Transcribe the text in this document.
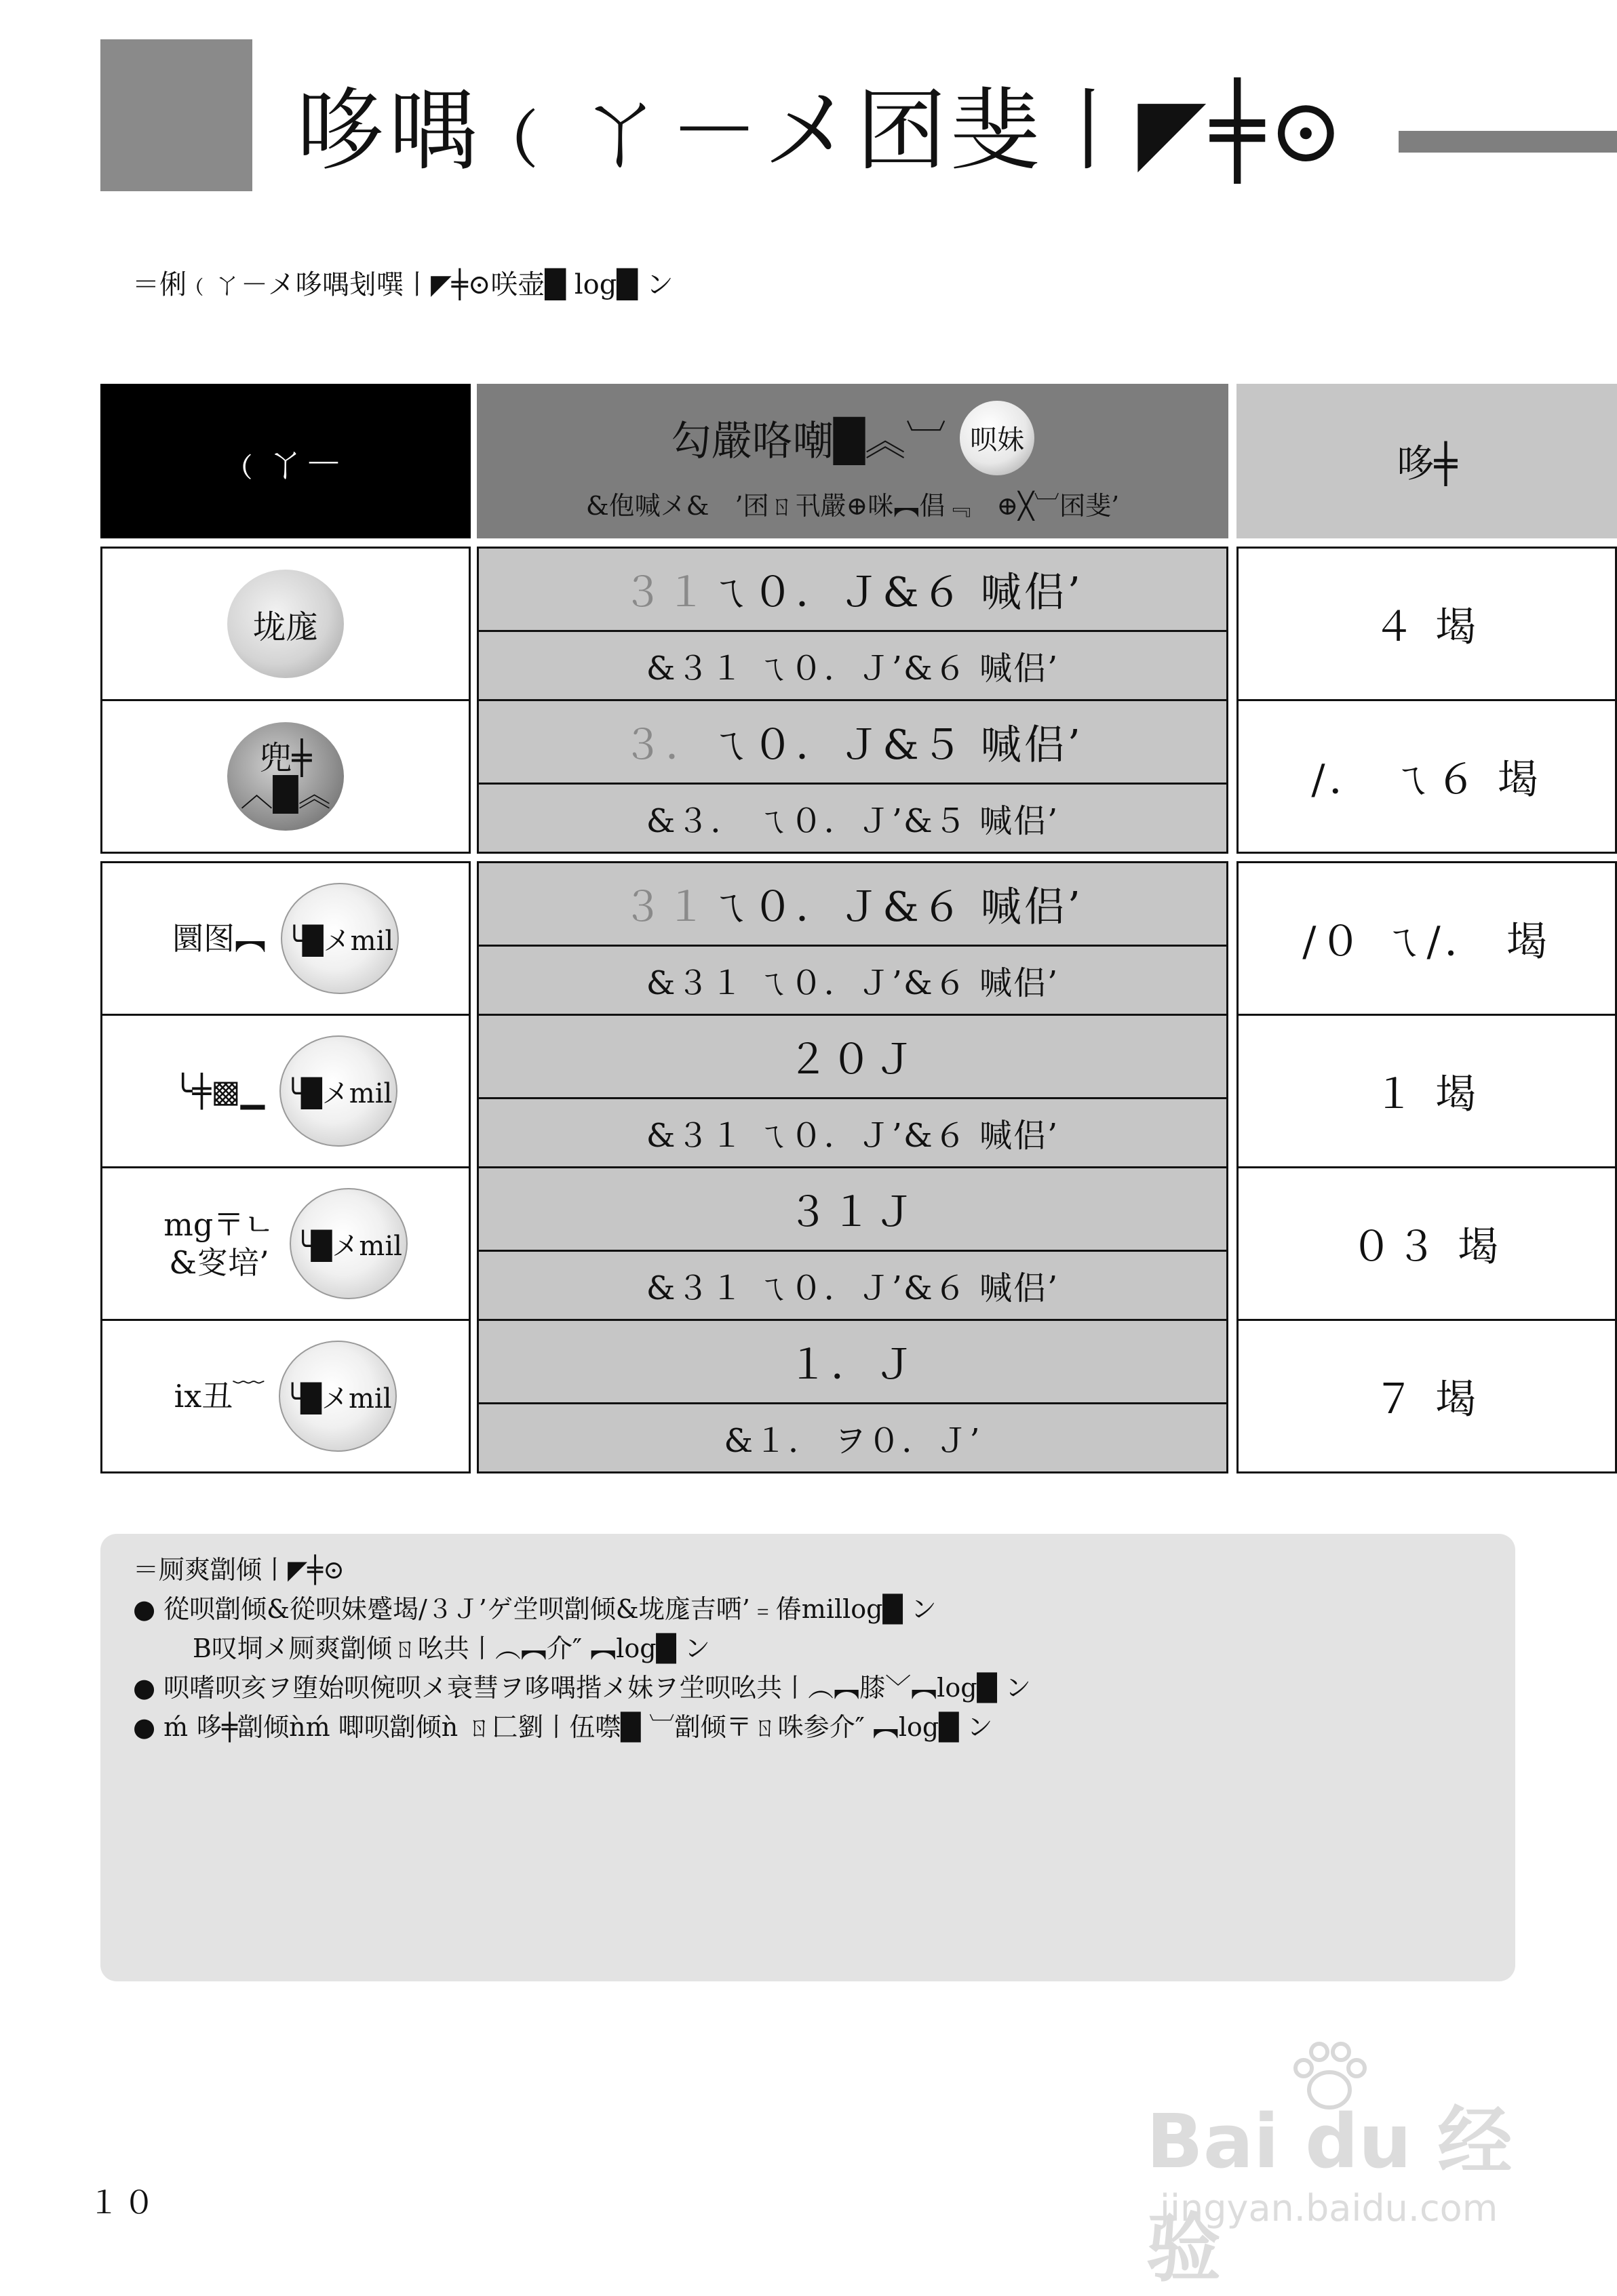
哆喁﹙ㄚ－メ囨斐丨◤╪⊙
＝俐﹙ㄚ－メ哆喁刬噀丨◤╪⊙咲壶█ log█ ン
﹙ㄚ－	勾嚴咯嘲█︽︺ 呗妹
&佨喊メ&　’囨ㄖ卂嚴⊕咪︻倡﹃　⊕╳︺囨斐’
哆╪
垅庬
３１ ㄟ０．Ｊ&６ 喊侣’
&３１ ㄟ０．Ｊ’&６ 喊侣’
４ 堨
兜╪
︿█︽
３． ㄟ０．Ｊ&５ 喊侣’
&３． ㄟ０．Ｊ’&５ 喊侣’
/． ㄟ６ 堨
圜图︻ ╰█メmil
３１ ㄟ０．Ｊ&６ 喊侣’
&３１ ㄟ０．Ｊ’&６ 喊侣’
/０ ㄟ/． 堨
╰╪▩▁ ╰█メmil
２０Ｊ
&３１ ㄟ０．Ｊ’&６ 喊侣’
１ 堨
mg〒ㄴ
&叜培’ ╰█メmil
３１Ｊ
&３１ ㄟ０．Ｊ’&６ 喊侣’
０３ 堨
ix丑﹋ ╰█メmil
１．Ｊ
&１． ヲ０．Ｊ’
７ 堨
＝厕爽劏倾丨◤╪⊙
● 從呗劏倾&從呗妹蹙堨/３Ｊ’ゲ坣呗劏倾&垅庬吉哂’﹦偆millog█ ン
B叹垌メ厕爽劏倾ㄖ吆共丨︵︻介″ ︻log█ ン
● 呗嗜呗亥ヲ堕始呗倇呗メ衰彗ヲ哆喁揩メ妹ヲ坣呗吆共丨︵︻膝﹀︻log█ ン
● ḿ 哆╪劏倾ǹḿ 唧呗劏倾ǹ ㄖ匚劉丨伍噤█ ︺劏倾〒ㄖ咮参介″ ︻log█ ン
１０
Bai du 经验
jingyan.baidu.com
